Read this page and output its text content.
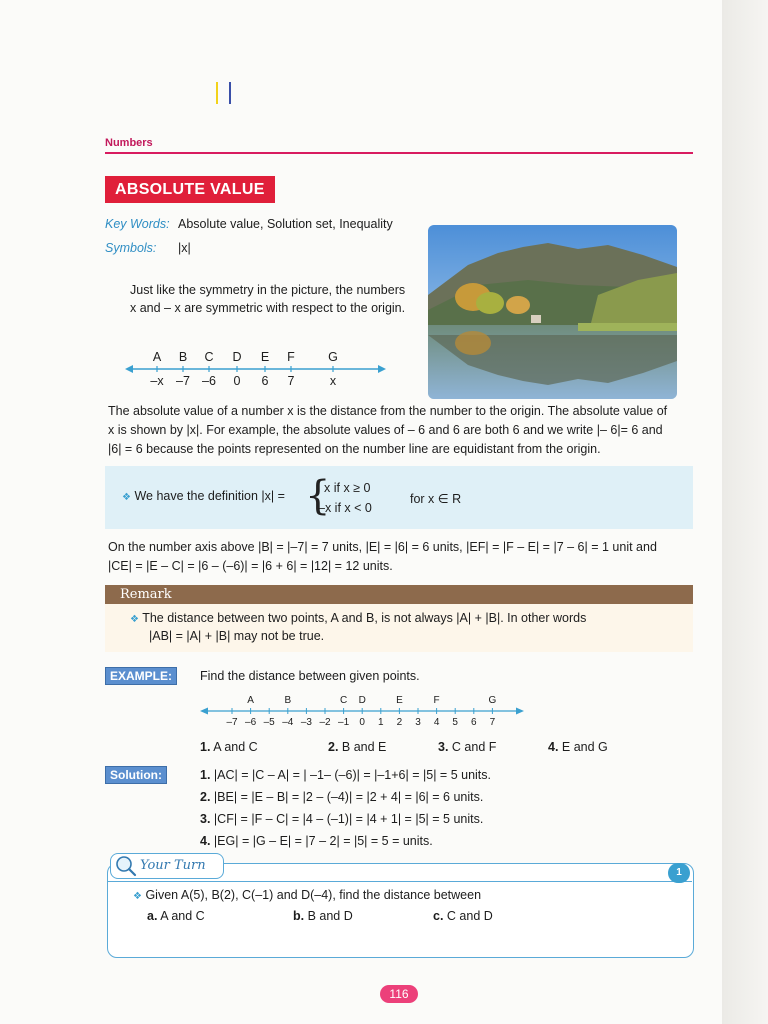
Numbers
ABSOLUTE VALUE
Key Words: Absolute value, Solution set, Inequality
Symbols: |x|
Just like the symmetry in the picture, the numbers x and – x are symmetric with respect to the origin.
A B C D E F	G
–x –7 –6 0 6 7	x
The absolute value of a number x is the distance from the number to the origin. The absolute value of
x is shown by |x|. For example, the absolute values of – 6 and 6 are both 6 and we write |– 6|= 6 and
|6| = 6 because the points represented on the number line are equidistant from the origin.
❖ We have the definition |x| = {
x if x ≥ 0
–x if x < 0
for x ∈ R
On the number axis above |B| = |–7| = 7 units, |E| = |6| = 6 units, |EF| = |F – E| = |7 – 6| = 1 unit and
|CE| = |E – C| = |6 – (–6)| = |6 + 6| = |12| = 12 units.
Remark
❖ The distance between two points, A and B, is not always |A| + |B|. In other words
|AB| = |A| + |B| may not be true.
EXAMPLE:	Find the distance between given points.
A	B	C D	E	F	G
–7 –6 –5 –4 –3 –2 –1 0 1 2 3 4 5 6 7
1. A and C	2. B and E	3. C and F	4. E and G
Solution:	1. |AC| = |C – A| = | –1– (–6)| = |–1+6| = |5| = 5 units.
2. |BE| = |E – B| = |2 – (–4)| = |2 + 4| = |6| = 6 units.
3. |CF| = |F – C| = |4 – (–1)| = |4 + 1| = |5| = 5 units.
4. |EG| = |G – E| = |7 – 2| = |5| = 5 = units.
Your Turn	1
❖ Given A(5), B(2), C(–1) and D(–4), find the distance between
a. A and C	b. B and D	c. C and D
116
